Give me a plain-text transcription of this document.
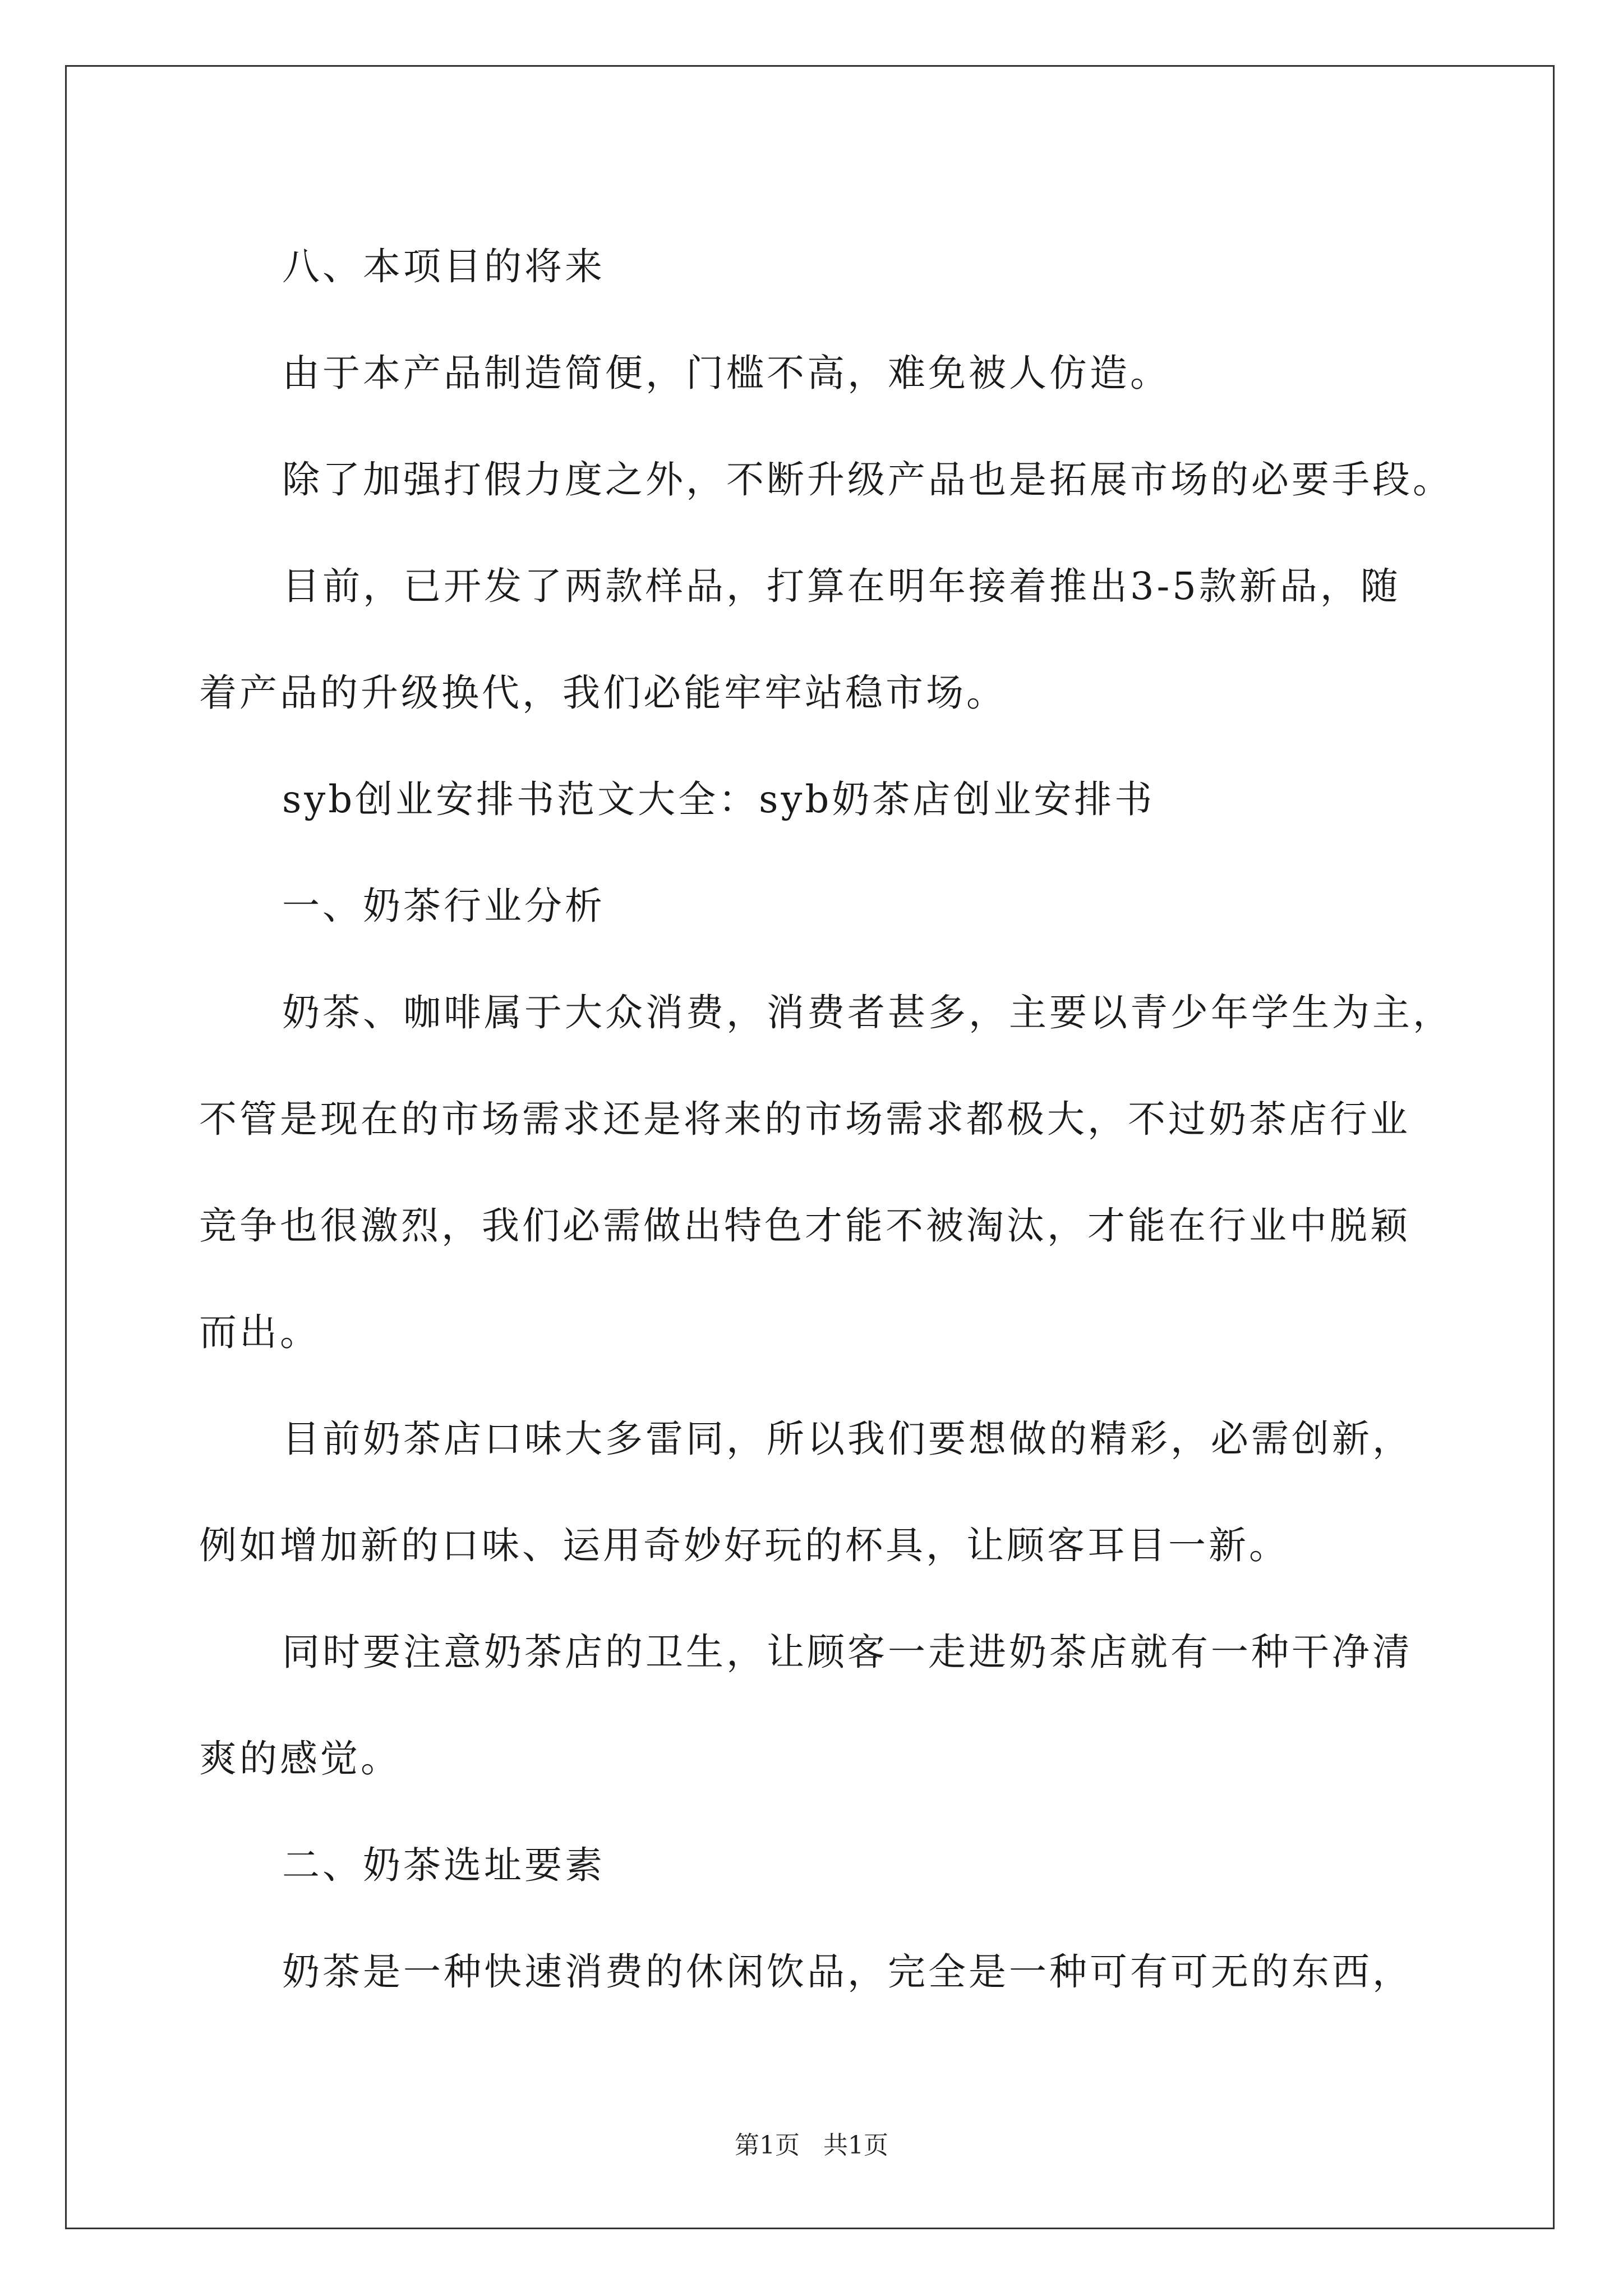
八、本项目的将来

由于本产品制造简便，门槛不高，难免被人仿造。

除了加强打假力度之外，不断升级产品也是拓展市场的必要手段。

目前，已开发了两款样品，打算在明年接着推出3-5款新品，随

着产品的升级换代，我们必能牢牢站稳市场。

syb创业安排书范文大全：syb奶茶店创业安排书

一、奶茶行业分析

奶茶、咖啡属于大众消费，消费者甚多，主要以青少年学生为主，

不管是现在的市场需求还是将来的市场需求都极大，不过奶茶店行业

竞争也很激烈，我们必需做出特色才能不被淘汰，才能在行业中脱颖

而出。

目前奶茶店口味大多雷同，所以我们要想做的精彩，必需创新，

例如增加新的口味、运用奇妙好玩的杯具，让顾客耳目一新。

同时要注意奶茶店的卫生，让顾客一走进奶茶店就有一种干净清

爽的感觉。

二、奶茶选址要素

奶茶是一种快速消费的休闲饮品，完全是一种可有可无的东西，

第1页 共1页
